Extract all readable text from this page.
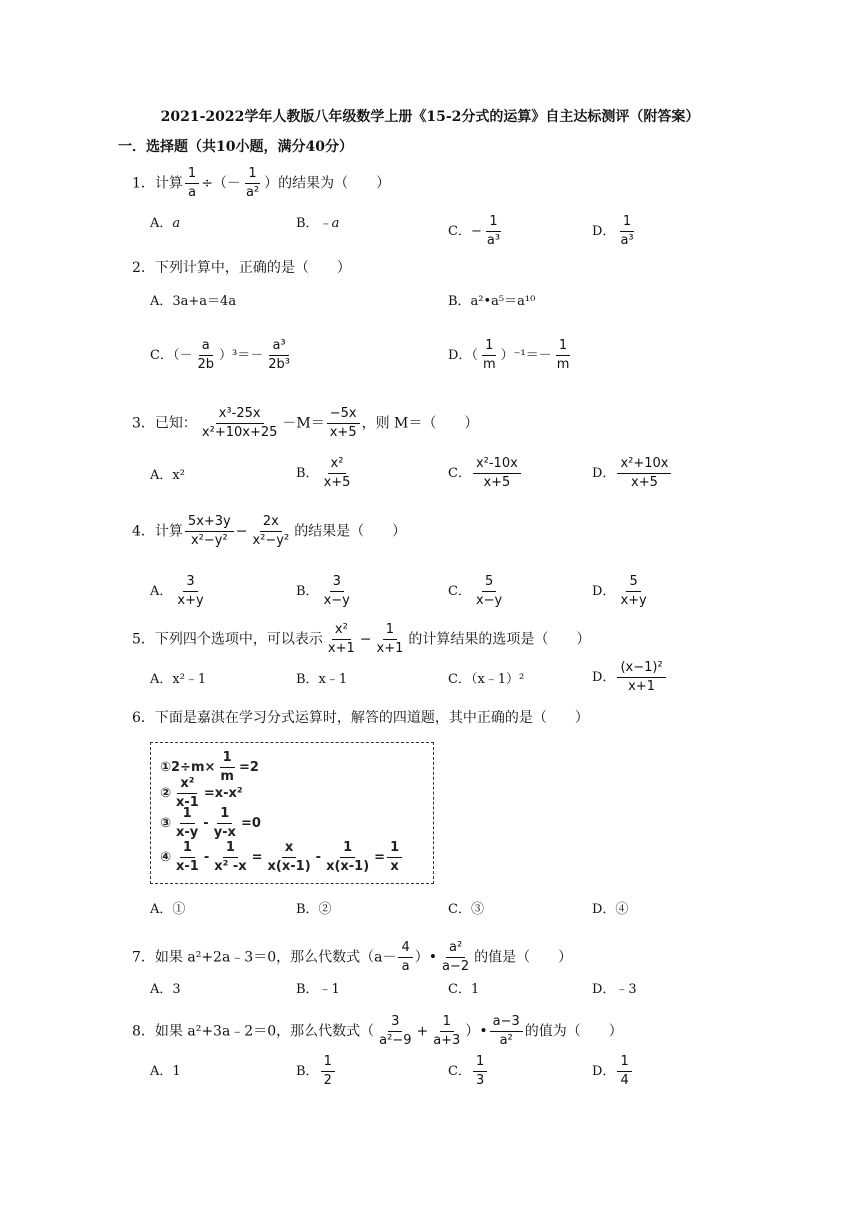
2021-2022学年人教版八年级数学上册《15-2分式的运算》自主达标测评（附答案）
一．选择题（共10小题，满分40分）
1．计算 $\frac{1}{a}$ ÷（－ $\frac{1}{\text{a²}}$ ）的结果为（　　）
A．a	B．﹣a
C．− $\frac{1}{\text{a³}}$	D． $\frac{1}{\text{a³}}$
2．下列计算中，正确的是（　　）
A．3a+a＝4a	B．a²•a⁵＝a¹⁰
C．（－ $\frac{a}{2b} )^3=- \frac{\text{a³}}{\text{2b³}}$	D．（ $\frac{1}{m} )^{-1}=- \frac{1}{m}$
3．已知： $\frac{\text{x³-25x}}{\text{x²+10x+25}} -M= \frac{-5x}{x+5}$ ，则 M＝（　　）
A．x²	B． $\frac{\text{x²}}{x+5}$	C． $\frac{\text{x²-10x}}{x+5}$	D． $\frac{\text{x²+10x}}{x+5}$
4．计算 $\frac{5x+3y}{\text{x²−y²}} - \frac{2x}{\text{x²−y²}}$ 的结果是（　　）
A． $\frac{3}{x+y}$	B． $\frac{3}{x-y}$	C． $\frac{5}{x-y}$	D． $\frac{5}{x+y}$
5．下列四个选项中，可以表示 $\frac{\text{x²}}{x+1} - \frac{1}{x+1}$ 的计算结果的选项是（　　）
A．x²﹣1	B．x﹣1	C．（x﹣1）²	D． $\frac{\text{(x−1)²}}{x+1}$
6．下面是嘉淇在学习分式运算时，解答的四道题，其中正确的是（　　）
①2÷m× $\frac{1}{m} =2$
② $\frac{\text{x²}}{x-1} =x-x^2$
③ $\frac{1}{x-y} - \frac{1}{y-x} =0$
④ $\frac{1}{x-1} - \frac{1}{\text{x² -x}} = \frac{x}{x(x-1)} - \frac{1}{x(x-1)} = \frac{1}{x}$
A．①	B．②	C．③	D．④
7．如果 a²+2a﹣3＝0，那么代数式（$a- \frac{4}{a}$ ）• $\frac{\text{a²}}{a-2}$ 的值是（　　）
A．3	B．﹣1	C．1	D．﹣3
8．如果 a²+3a﹣2＝0，那么代数式（ $\frac{3}{\text{a²−9}} + \frac{1}{a+3}$ ）• $\frac{a-3}{\text{a²}}$ 的值为（　　）
A．1	B． $\frac{1}{2}$	C． $\frac{1}{3}$	D． $\frac{1}{4}$
